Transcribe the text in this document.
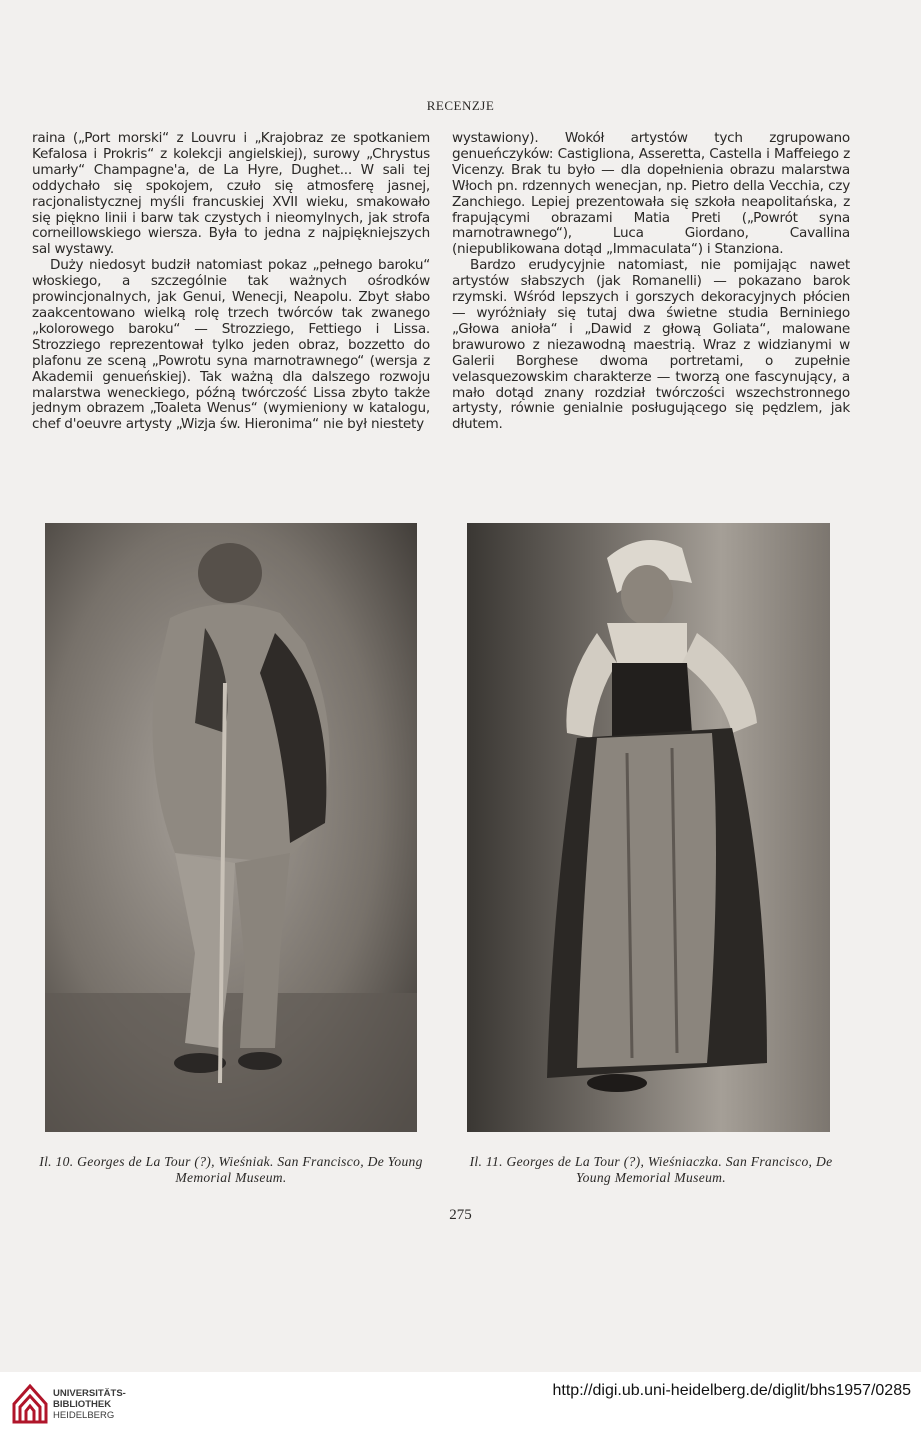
RECENZJE

raina („Port morski“ z Louvru i „Krajobraz ze spotkaniem Kefalosa i Prokris“ z kolekcji angielskiej), surowy „Chrystus umarły“ Champagne'a, de La Hyre, Dughet... W sali tej oddychało się spokojem, czuło się atmosferę jasnej, racjonalistycznej myśli francuskiej XVII wieku, smakowało się piękno linii i barw tak czystych i nieomylnych, jak strofa corneillowskiego wiersza. Była to jedna z najpiękniejszych sal wystawy.

Duży niedosyt budził natomiast pokaz „pełnego baroku“ włoskiego, a szczególnie tak ważnych ośrodków prowincjonalnych, jak Genui, Wenecji, Neapolu. Zbyt słabo zaakcentowano wielką rolę trzech twórców tak zwanego „kolorowego baroku“ — Strozziego, Fettiego i Lissa. Strozziego reprezentował tylko jeden obraz, bozzetto do plafonu ze sceną „Powrotu syna marnotrawnego“ (wersja z Akademii genueńskiej). Tak ważną dla dalszego rozwoju malarstwa weneckiego, późną twórczość Lissa zbyto także jednym obrazem „Toaleta Wenus“ (wymieniony w katalogu, chef d'oeuvre artysty „Wizja św. Hieronima“ nie był niestety

wystawiony). Wokół artystów tych zgrupowano genueńczyków: Castigliona, Asseretta, Castella i Maffeiego z Vicenzy. Brak tu było — dla dopełnienia obrazu malarstwa Włoch pn. rdzennych wenecjan, np. Pietro della Vecchia, czy Zanchiego. Lepiej prezentowała się szkoła neapolitańska, z frapującymi obrazami Matia Preti („Powrót syna marnotrawnego“), Luca Giordano, Cavallina (niepublikowana dotąd „Immaculata“) i Stanziona.

Bardzo erudycyjnie natomiast, nie pomijając nawet artystów słabszych (jak Romanelli) — pokazano barok rzymski. Wśród lepszych i gorszych dekoracyjnych płócien — wyróżniały się tutaj dwa świetne studia Berniniego „Głowa anioła“ i „Dawid z głową Goliata“, malowane brawurowo z niezawodną maestrią. Wraz z widzianymi w Galerii Borghese dwoma portretami, o zupełnie velasquezowskim charakterze — tworzą one fascynujący, a mało dotąd znany rozdział twórczości wszechstronnego artysty, równie genialnie posługującego się pędzlem, jak dłutem.

Il. 10. Georges de La Tour (?), Wieśniak. San Francisco, De Young Memorial Museum.
Il. 11. Georges de La Tour (?), Wieśniaczka. San Francisco, De Young Memorial Museum.
275
UNIVERSITÄTS-
BIBLIOTHEK
HEIDELBERG
http://digi.ub.uni-heidelberg.de/diglit/bhs1957/0285
